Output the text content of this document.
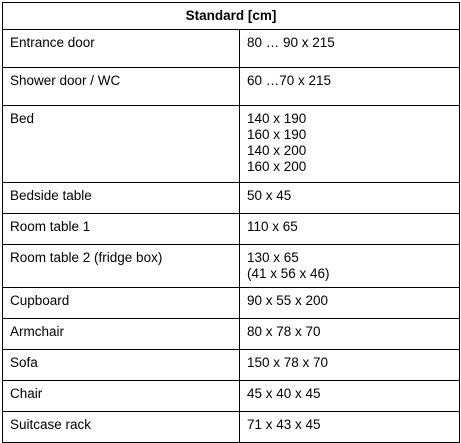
Standard [cm]	
Entrance door	80 … 90 x 215

Shower door / WC	60 …70 x 215

Bed	140 x 190
160 x 190
140 x 200
160 x 200

Bedside table	50 x 45

Room table 1	110 x 65

Room table 2 (fridge box)	130 x 65
(41 x 56 x 46)

Cupboard	90 x 55 x 200

Armchair	80 x 78 x 70

Sofa	150 x 78 x 70

Chair	45 x 40 x 45

Suitcase rack	71 x 43 x 45
